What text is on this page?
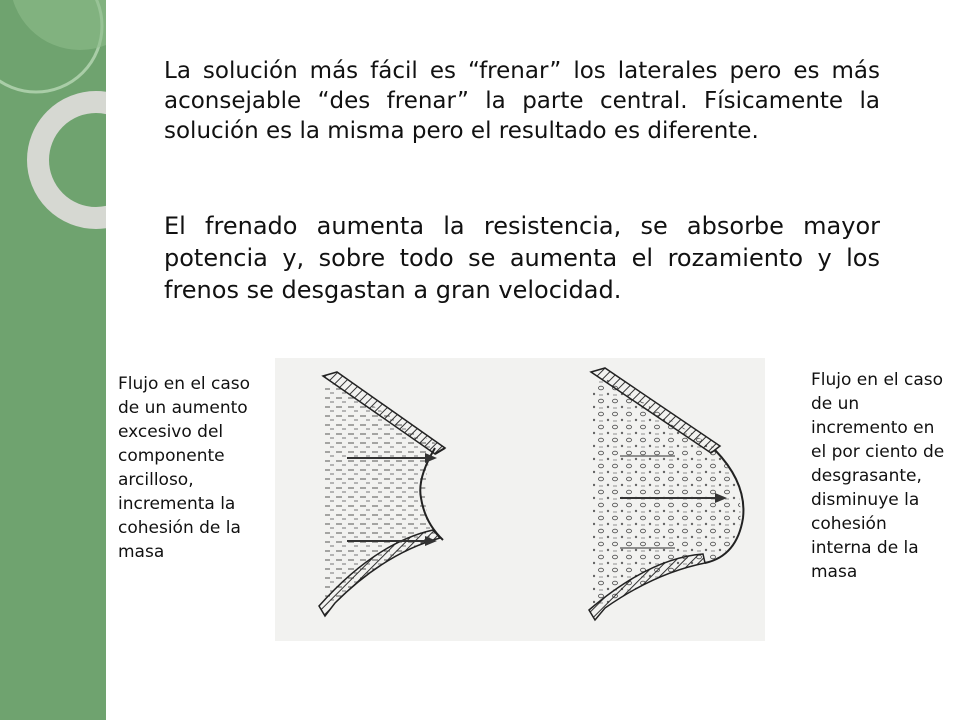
La solución más fácil es “frenar” los laterales pero es más aconsejable “des frenar” la parte central. Físicamente la solución es la misma pero el resultado es diferente.

El frenado aumenta la resistencia, se absorbe mayor potencia y, sobre todo se aumenta el rozamiento y los frenos se desgastan a gran velocidad.

Flujo en el caso de un aumento excesivo del componente arcilloso, incrementa la cohesión de la masa

Flujo en el caso de un incremento en el por ciento de desgrasante, disminuye la cohesión interna de la masa
